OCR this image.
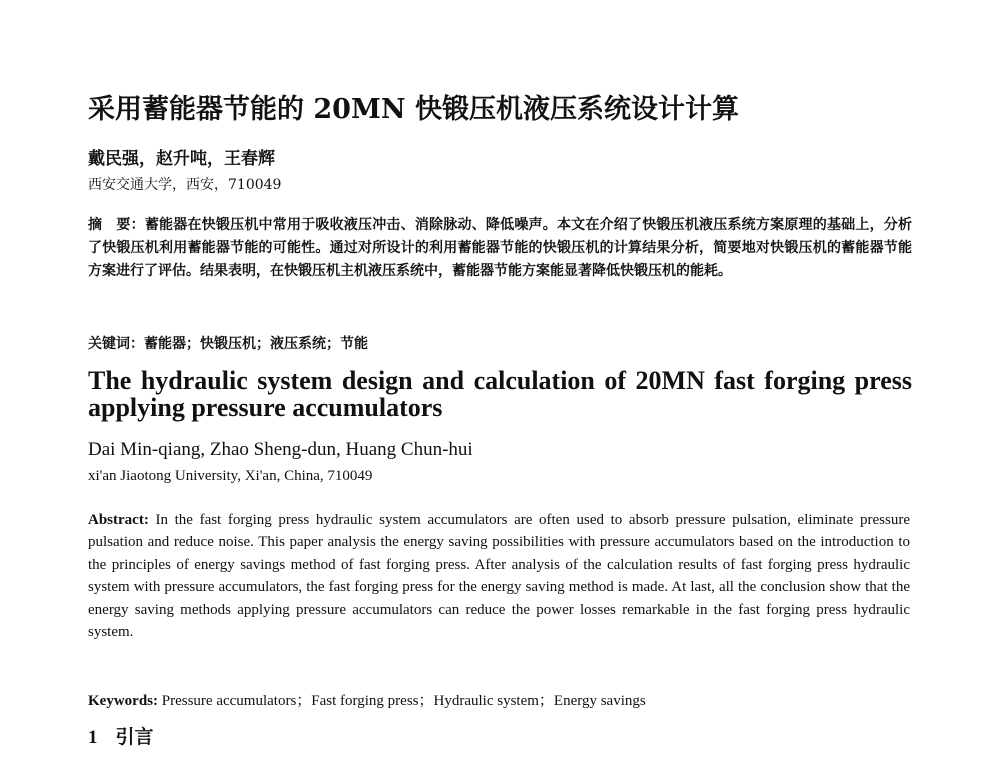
采用蓄能器节能的 20MN 快锻压机液压系统设计计算

戴民强，赵升吨，王春辉

西安交通大学，西安，710049

摘　要：蓄能器在快锻压机中常用于吸收液压冲击、消除脉动、降低噪声。本文在介绍了快锻压机液压系统方案原理的基础上，分析了快锻压机利用蓄能器节能的可能性。通过对所设计的利用蓄能器节能的快锻压机的计算结果分析，简要地对快锻压机的蓄能器节能方案进行了评估。结果表明，在快锻压机主机液压系统中，蓄能器节能方案能显著降低快锻压机的能耗。

关键词：蓄能器；快锻压机；液压系统；节能

The hydraulic system design and calculation of 20MN fast forging press applying pressure accumulators

Dai Min-qiang, Zhao Sheng-dun, Huang Chun-hui

xi'an Jiaotong University, Xi'an, China, 710049

Abstract: In the fast forging press hydraulic system accumulators are often used to absorb pressure pulsation, eliminate pressure pulsation and reduce noise. This paper analysis the energy saving possibilities with pressure accumulators based on the introduction to the principles of energy savings method of fast forging press. After analysis of the calculation results of fast forging press hydraulic system with pressure accumulators, the fast forging press for the energy saving method is made. At last, all the conclusion show that the energy saving methods applying pressure accumulators can reduce the power losses remarkable in the fast forging press hydraulic system.

Keywords: Pressure accumulators；Fast forging press；Hydraulic system；Energy savings

1 引言
